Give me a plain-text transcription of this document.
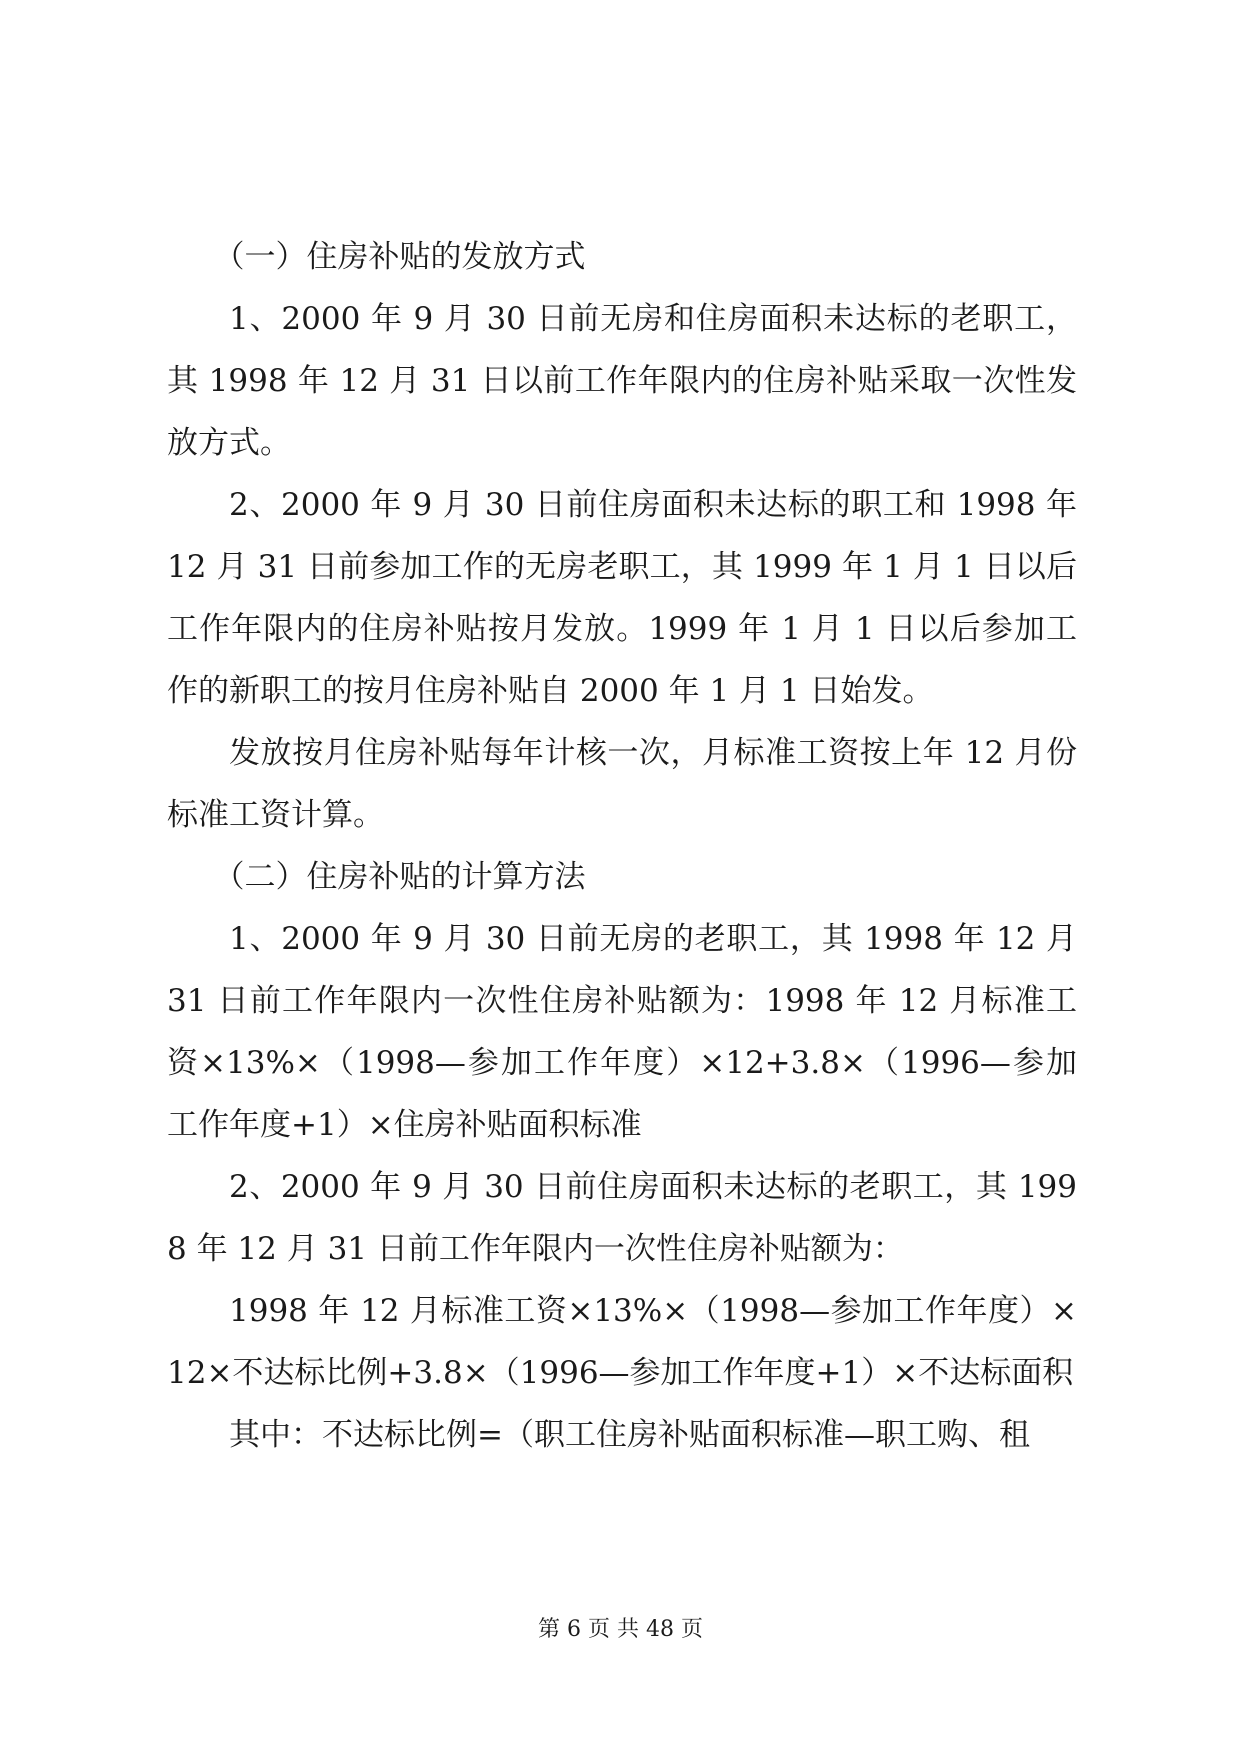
（一）住房补贴的发放方式

1、2000 年 9 月 30 日前无房和住房面积未达标的老职工，其 1998 年 12 月 31 日以前工作年限内的住房补贴采取一次性发放方式。

2、2000 年 9 月 30 日前住房面积未达标的职工和 1998 年 12 月 31 日前参加工作的无房老职工，其 1999 年 1 月 1 日以后工作年限内的住房补贴按月发放。1999 年 1 月 1 日以后参加工作的新职工的按月住房补贴自 2000 年 1 月 1 日始发。

发放按月住房补贴每年计核一次，月标准工资按上年 12 月份标准工资计算。

（二）住房补贴的计算方法

1、2000 年 9 月 30 日前无房的老职工，其 1998 年 12 月 31 日前工作年限内一次性住房补贴额为：1998 年 12 月标准工资×13%×（1998—参加工作年度）×12+3.8×（1996—参加工作年度+1）×住房补贴面积标准

2、2000 年 9 月 30 日前住房面积未达标的老职工，其 1998 年 12 月 31 日前工作年限内一次性住房补贴额为：

1998 年 12 月标准工资×13%×（1998—参加工作年度）×12×不达标比例+3.8×（1996—参加工作年度+1）×不达标面积

其中：不达标比例=（职工住房补贴面积标准—职工购、租

第 6 页 共 48 页
